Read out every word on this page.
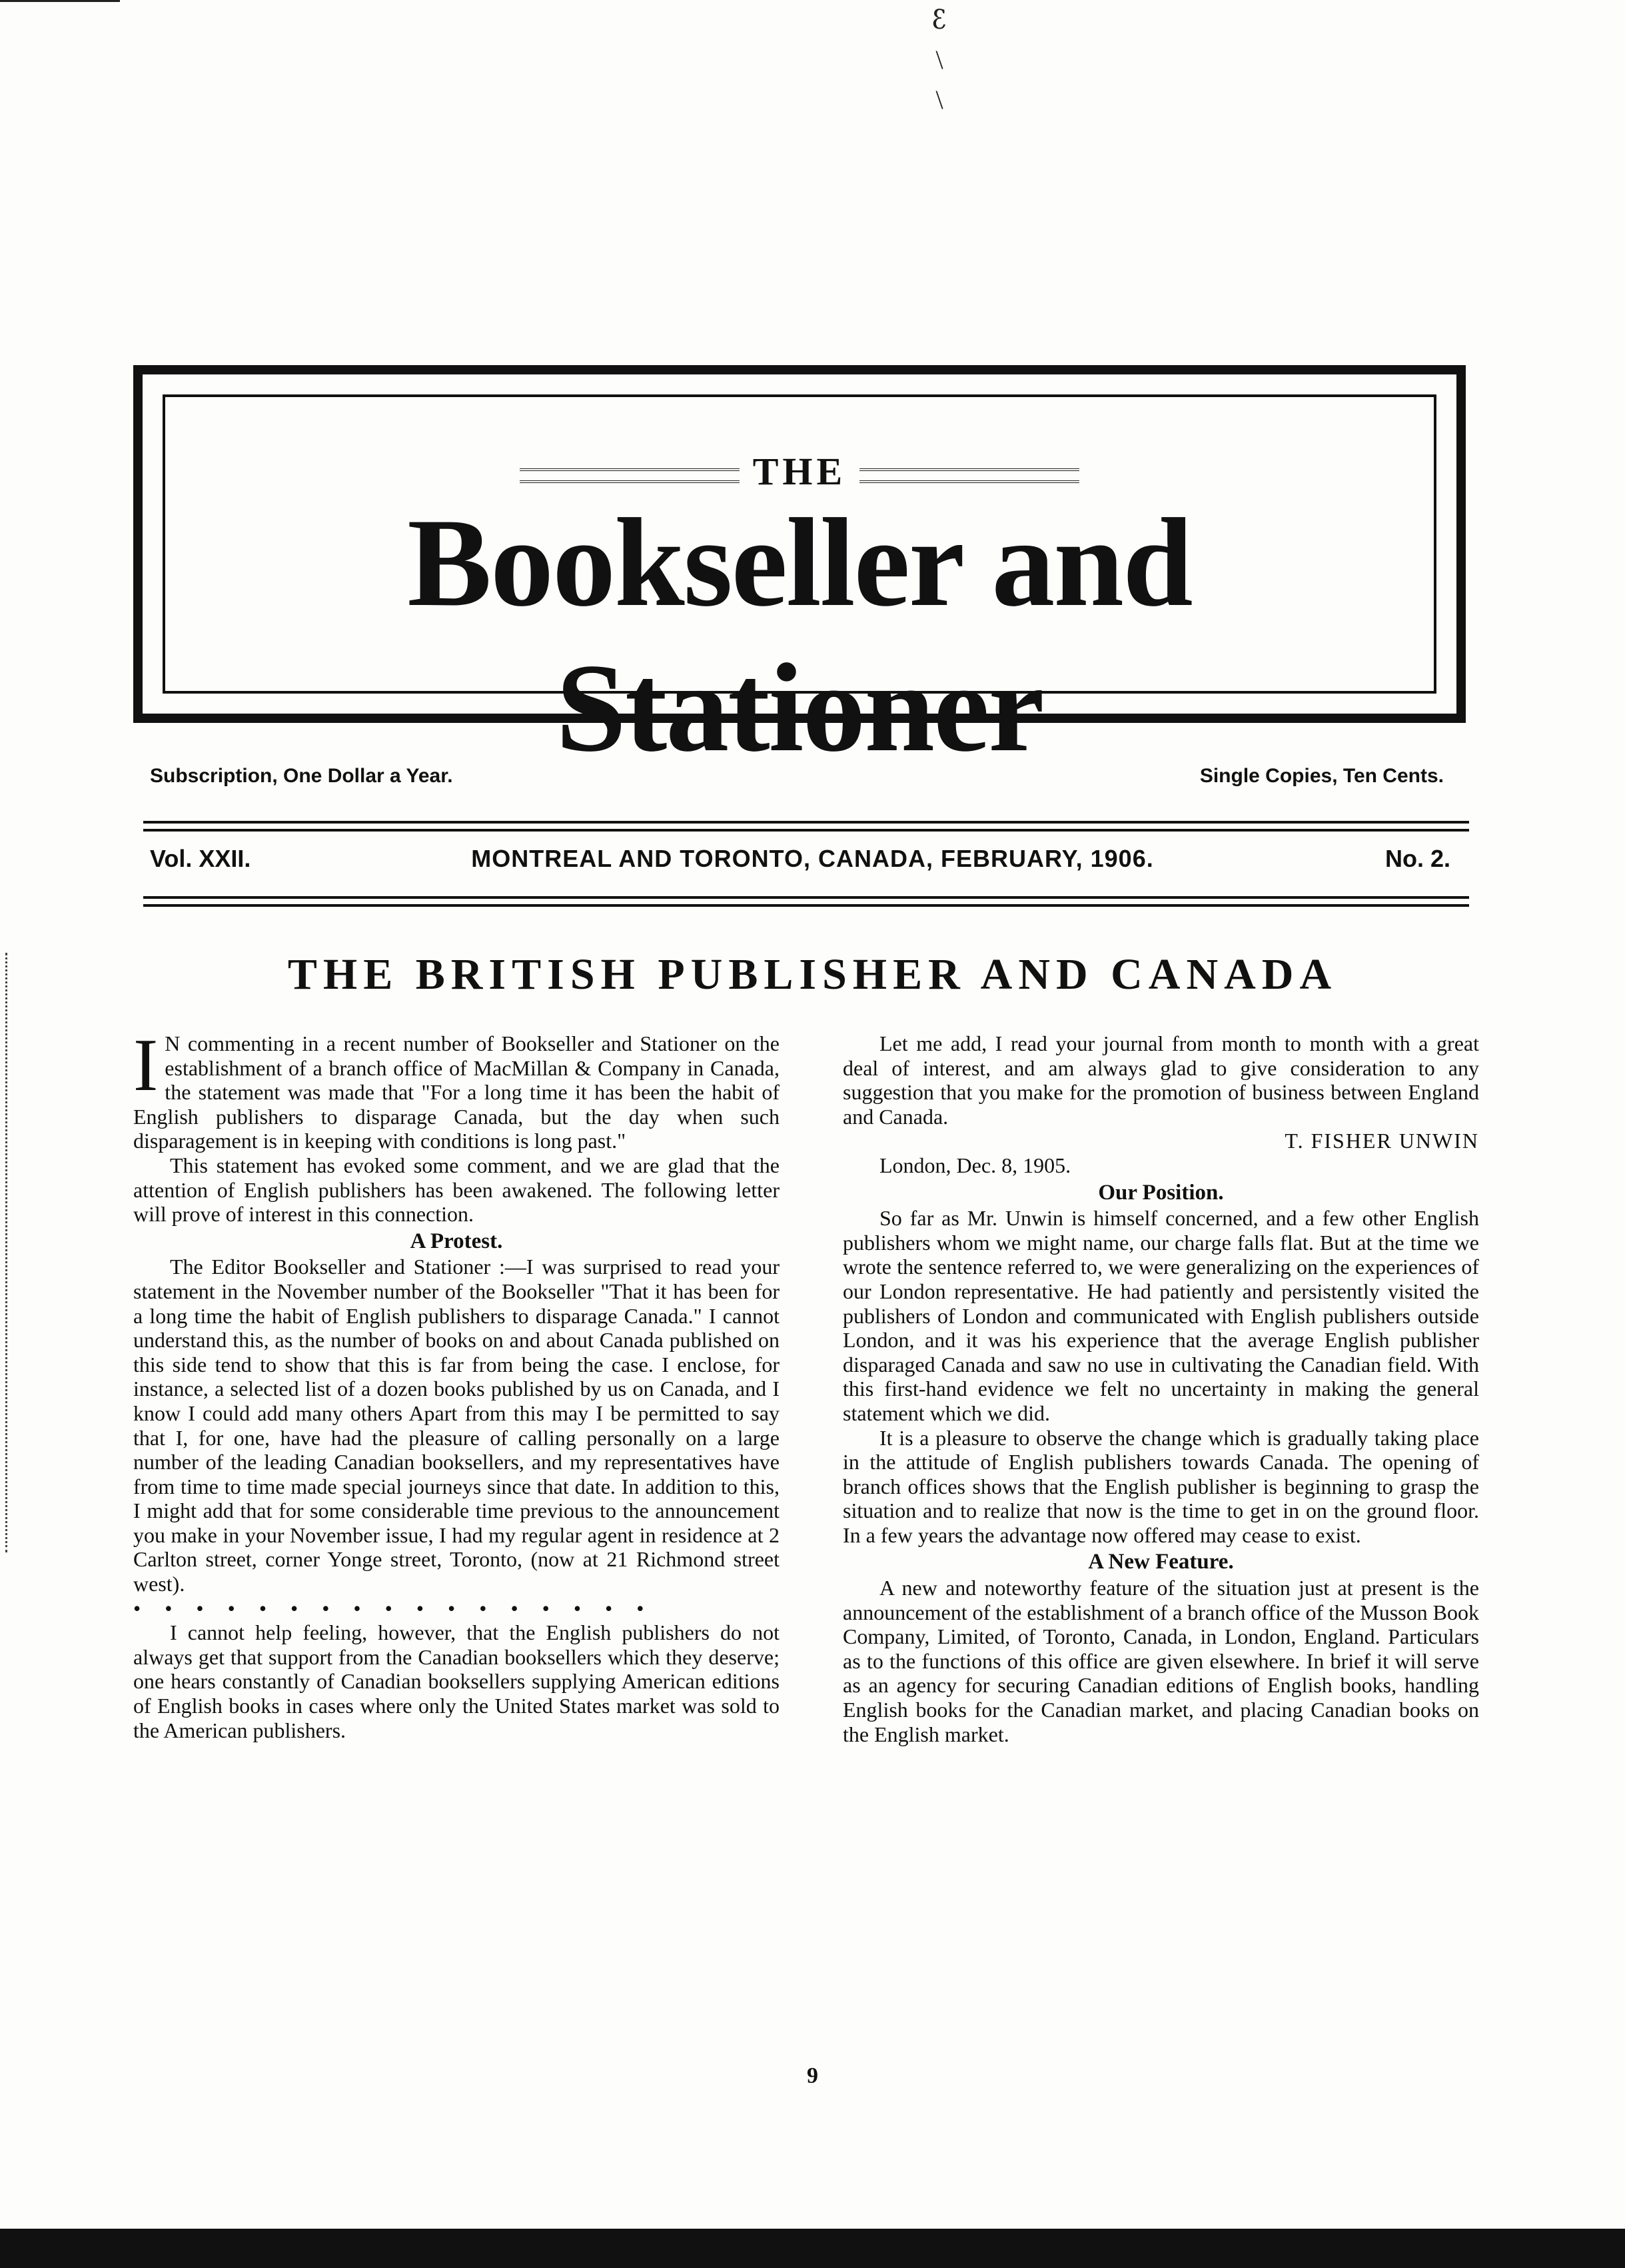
ꜫ
\
\
THE
Bookseller and Stationer
Subscription, One Dollar a Year.	Single Copies, Ten Cents.
MONTREAL AND TORONTO, CANADA, FEBRUARY, 1906.
Vol. XXII.	No. 2.
THE BRITISH PUBLISHER AND CANADA

I N commenting in a recent number of Bookseller and Stationer on the establishment of a branch office of MacMillan & Company in Canada, the statement was made that "For a long time it has been the habit of English publishers to disparage Canada, but the day when such disparagement is in keeping with conditions is long past."

This statement has evoked some comment, and we are glad that the attention of English publishers has been awakened. The following letter will prove of interest in this connection.

A Protest.

The Editor Bookseller and Stationer :—I was surprised to read your statement in the November number of the Bookseller "That it has been for a long time the habit of English publishers to disparage Canada." I cannot understand this, as the number of books on and about Canada published on this side tend to show that this is far from being the case. I enclose, for instance, a selected list of a dozen books published by us on Canada, and I know I could add many others Apart from this may I be permitted to say that I, for one, have had the pleasure of calling personally on a large number of the leading Canadian booksellers, and my representatives have from time to time made special journeys since that date. In addition to this, I might add that for some considerable time previous to the announcement you make in your November issue, I had my regular agent in residence at 2 Carlton street, corner Yonge street, Toronto, (now at 21 Richmond street west).

• • • • • • • • • • • • • • • • •

I cannot help feeling, however, that the English publishers do not always get that support from the Canadian booksellers which they deserve; one hears constantly of Canadian booksellers supplying American editions of English books in cases where only the United States market was sold to the American publishers.

Let me add, I read your journal from month to month with a great deal of interest, and am always glad to give consideration to any suggestion that you make for the promotion of business between England and Canada.

T. FISHER UNWIN

London, Dec. 8, 1905.

Our Position.

So far as Mr. Unwin is himself concerned, and a few other English publishers whom we might name, our charge falls flat. But at the time we wrote the sentence referred to, we were generalizing on the experiences of our London representative. He had patiently and persistently visited the publishers of London and communicated with English publishers outside London, and it was his experience that the average English publisher disparaged Canada and saw no use in cultivating the Canadian field. With this first-hand evidence we felt no uncertainty in making the general statement which we did.

It is a pleasure to observe the change which is gradually taking place in the attitude of English publishers towards Canada. The opening of branch offices shows that the English publisher is beginning to grasp the situation and to realize that now is the time to get in on the ground floor. In a few years the advantage now offered may cease to exist.

A New Feature.

A new and noteworthy feature of the situation just at present is the announcement of the establishment of a branch office of the Musson Book Company, Limited, of Toronto, Canada, in London, England. Particulars as to the functions of this office are given elsewhere. In brief it will serve as an agency for securing Canadian editions of English books, handling English books for the Canadian market, and placing Canadian books on the English market.

9
